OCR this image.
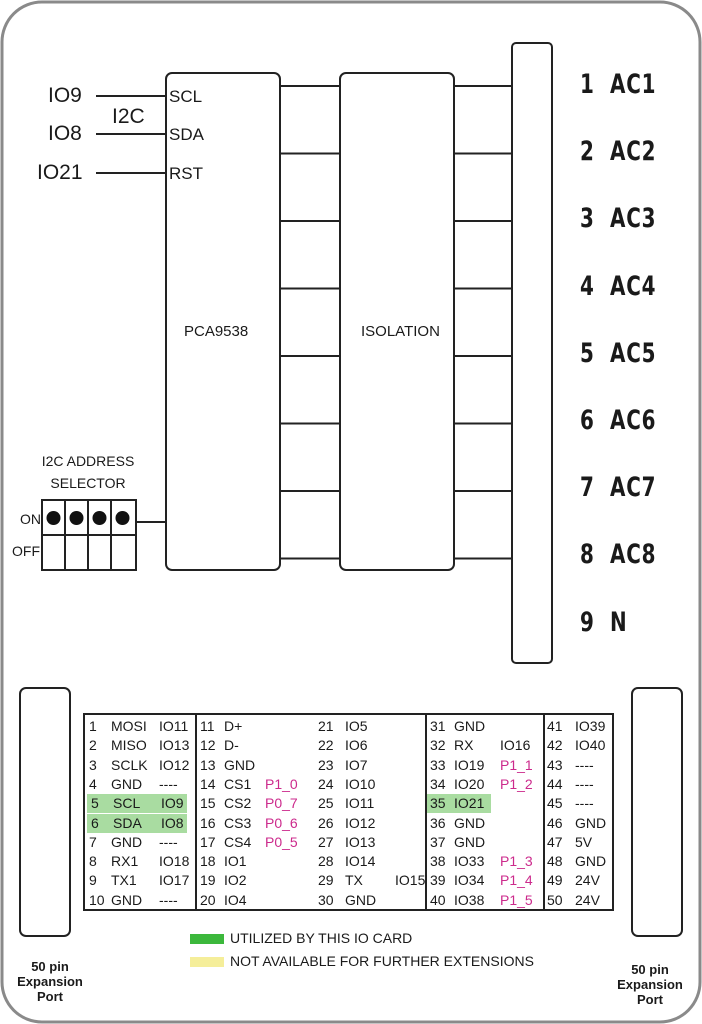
IO9
IO8
IO21
I2C
SCL
SDA
RST
PCA9538	ISOLATION
1 AC1
2 AC2
3 AC3
4 AC4
5 AC5
6 AC6
7 AC7
8 AC8
9 N
I2C ADDRESS
SELECTOR
ON
OFF
1 MOSI IO11
2 MISO IO13
3 SCLK IO12
4 GND ----
5 SCL IO9
6 SDA IO8
7 GND ----
8 RX1 IO18
9 TX1 IO17
10 GND ----
11 D+
12 D-
13 GND
14 CS1 P1_0
15 CS2 P0_7
16 CS3 P0_6
17 CS4 P0_5
18 IO1
19 IO2
20 IO4
21 IO5
22 IO6
23 IO7
24 IO10
25 IO11
26 IO12
27 IO13
28 IO14
29 TX IO15
30 GND
31 GND
32 RX IO16
33 IO19 P1_1
34 IO20 P1_2
35 IO21
36 GND
37 GND
38 IO33 P1_3
39 IO34 P1_4
40 IO38 P1_5
41 IO39
42 IO40
43 ----
44 ----
45 ----
46 GND
47 5V
48 GND
49 24V
50 24V
UTILIZED BY THIS IO CARD
NOT AVAILABLE FOR FURTHER EXTENSIONS
50 pin
Expansion
Port
50 pin
Expansion
Port
